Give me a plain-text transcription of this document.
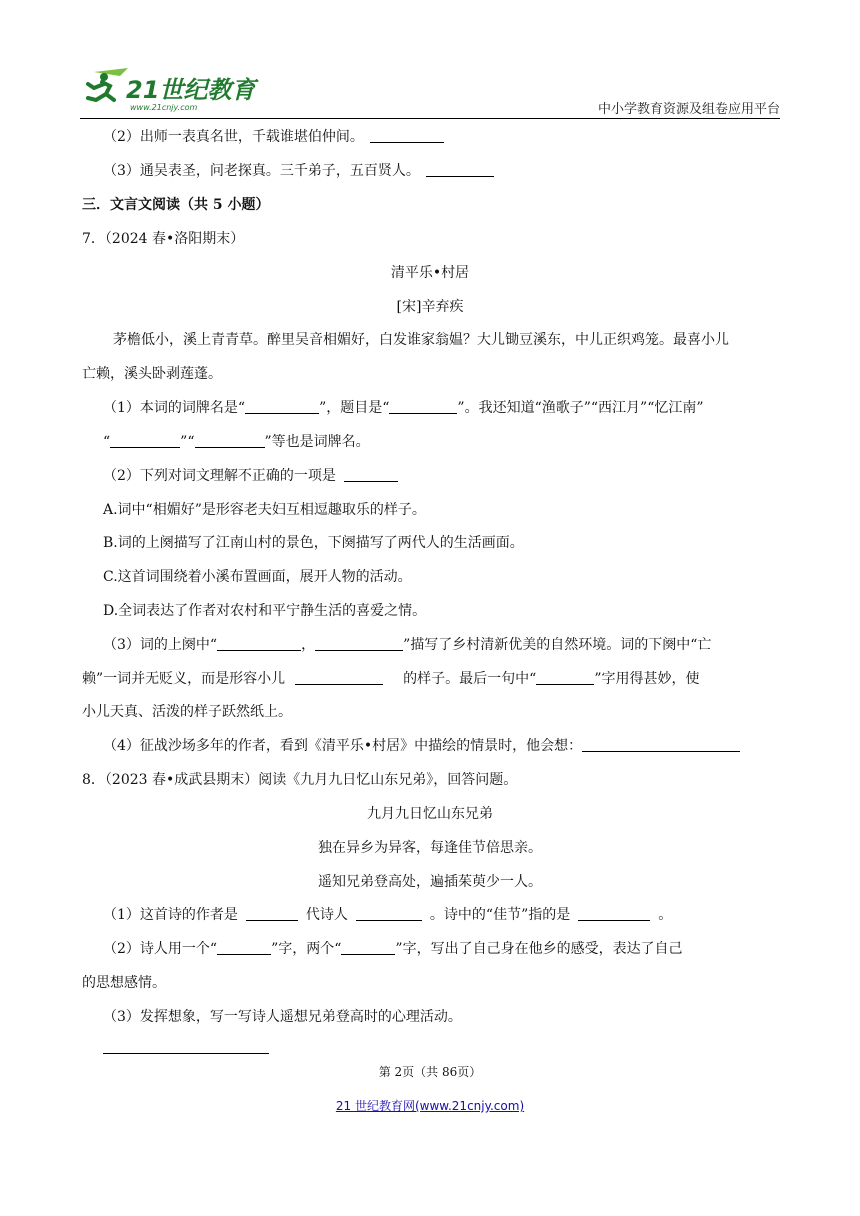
21世纪教育
www.21cnjy.com	中小学教育资源及组卷应用平台
（2）出师一表真名世，千载谁堪伯仲间。
（3）通吴表圣，问老探真。三千弟子，五百贤人。
三．文言文阅读（共 5 小题）
7．（2024 春•洛阳期末）
清平乐•村居
[宋]辛弃疾
茅檐低小，溪上青青草。醉里吴音相媚好，白发谁家翁媪？大儿锄豆溪东，中儿正织鸡笼。最喜小儿
亡赖，溪头卧剥莲蓬。
（1）本词的词牌名是“	”，题目是“	”。我还知道“渔歌子”“西江月”“忆江南”
“	”“	”等也是词牌名。
（2）下列对词文理解不正确的一项是
A.词中“相媚好”是形容老夫妇互相逗趣取乐的样子。
B.词的上阕描写了江南山村的景色，下阕描写了两代人的生活画面。
C.这首词围绕着小溪布置画面，展开人物的活动。
D.全词表达了作者对农村和平宁静生活的喜爱之情。
（3）词的上阕中“	，	”描写了乡村清新优美的自然环境。词的下阕中“亡
赖”一词并无贬义，而是形容小儿	的样子。最后一句中“	”字用得甚妙，使
小儿天真、活泼的样子跃然纸上。
（4）征战沙场多年的作者，看到《清平乐•村居》中描绘的情景时，他会想：
8．（2023 春•成武县期末）阅读《九月九日忆山东兄弟》，回答问题。
九月九日忆山东兄弟
独在异乡为异客，每逢佳节倍思亲。
遥知兄弟登高处，遍插茱萸少一人。
（1）这首诗的作者是	代诗人	。诗中的“佳节”指的是	。
（2）诗人用一个“	”字，两个“	”字，写出了自己身在他乡的感受，表达了自己
的思想感情。
（3）发挥想象，写一写诗人遥想兄弟登高时的心理活动。
第 2页（共 86页）
21 世纪教育网(www.21cnjy.com)
